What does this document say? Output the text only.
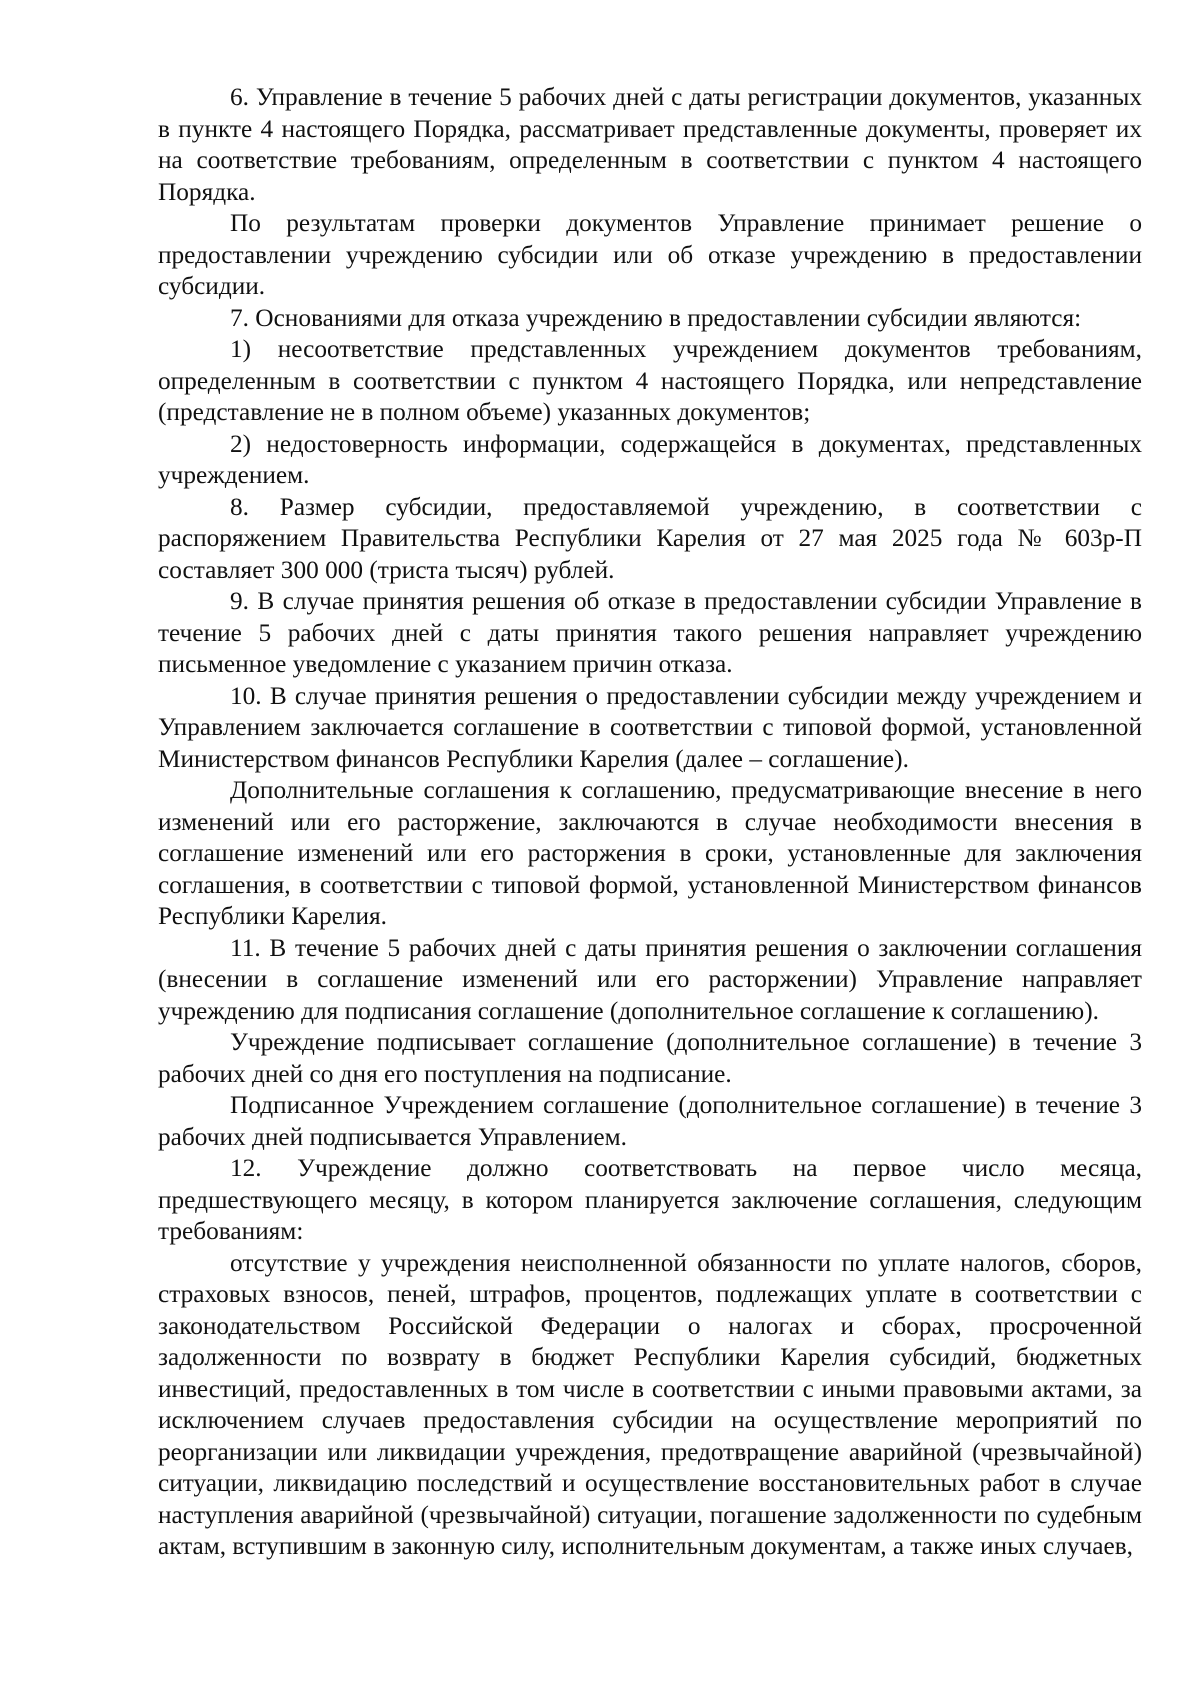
6. Управление в течение 5 рабочих дней с даты регистрации документов, указанных в пункте 4 настоящего Порядка, рассматривает представленные документы, проверяет их на соответствие требованиям, определенным в соответствии с пунктом 4 настоящего Порядка.

По результатам проверки документов Управление принимает решение о предоставлении учреждению субсидии или об отказе учреждению в предоставлении субсидии.

7. Основаниями для отказа учреждению в предоставлении субсидии являются:

1) несоответствие представленных учреждением документов требованиям, определенным в соответствии с пунктом 4 настоящего Порядка, или непредставление (представление не в полном объеме) указанных документов;

2) недостоверность информации, содержащейся в документах, представленных учреждением.

8. Размер субсидии, предоставляемой учреждению, в соответствии с распоряжением Правительства Республики Карелия от 27 мая 2025 года № 603р-П составляет 300 000 (триста тысяч) рублей.

9. В случае принятия решения об отказе в предоставлении субсидии Управление в течение 5 рабочих дней с даты принятия такого решения направляет учреждению письменное уведомление с указанием причин отказа.

10. В случае принятия решения о предоставлении субсидии между учреждением и Управлением заключается соглашение в соответствии с типовой формой, установленной Министерством финансов Республики Карелия (далее – соглашение).

Дополнительные соглашения к соглашению, предусматривающие внесение в него изменений или его расторжение, заключаются в случае необходимости внесения в соглашение изменений или его расторжения в сроки, установленные для заключения соглашения, в соответствии с типовой формой, установленной Министерством финансов Республики Карелия.

11. В течение 5 рабочих дней с даты принятия решения о заключении соглашения (внесении в соглашение изменений или его расторжении) Управление направляет учреждению для подписания соглашение (дополнительное соглашение к соглашению).

Учреждение подписывает соглашение (дополнительное соглашение) в течение 3 рабочих дней со дня его поступления на подписание.

Подписанное Учреждением соглашение (дополнительное соглашение) в течение 3 рабочих дней подписывается Управлением.

12. Учреждение должно соответствовать на первое число месяца, предшествующего месяцу, в котором планируется заключение соглашения, следующим требованиям:

отсутствие у учреждения неисполненной обязанности по уплате налогов, сборов, страховых взносов, пеней, штрафов, процентов, подлежащих уплате в соответствии с законодательством Российской Федерации о налогах и сборах, просроченной задолженности по возврату в бюджет Республики Карелия субсидий, бюджетных инвестиций, предоставленных в том числе в соответствии с иными правовыми актами, за исключением случаев предоставления субсидии на осуществление мероприятий по реорганизации или ликвидации учреждения, предотвращение аварийной (чрезвычайной) ситуации, ликвидацию последствий и осуществление восстановительных работ в случае наступления аварийной (чрезвычайной) ситуации, погашение задолженности по судебным актам, вступившим в законную силу, исполнительным документам, а также иных случаев,
